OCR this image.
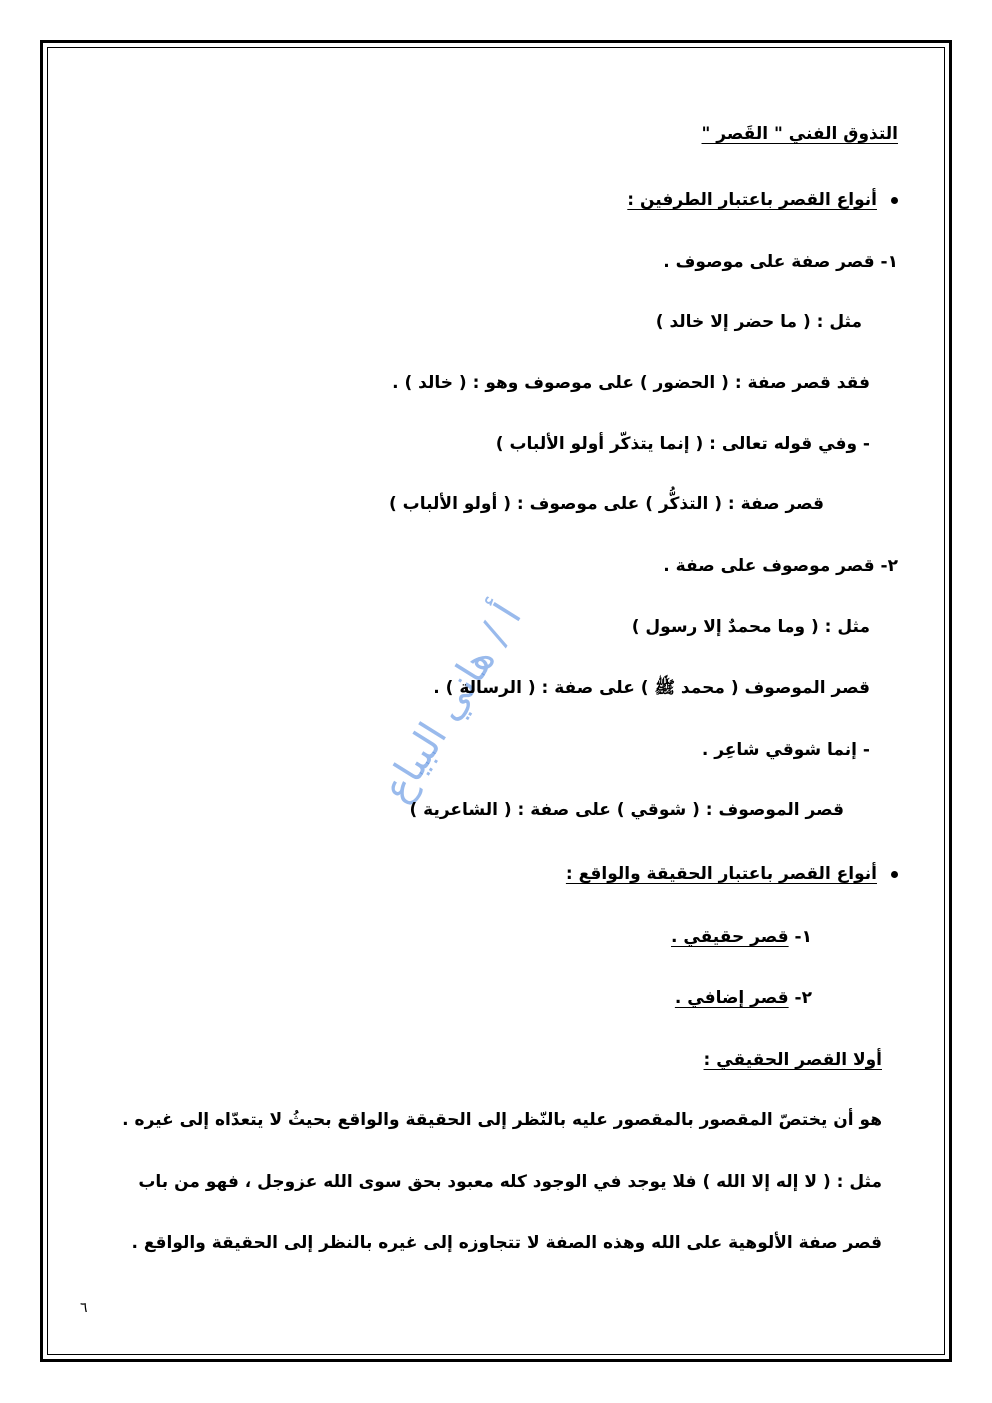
أ / هاني البياع
التذوق الفني " القَصر "
أنواع القصر باعتبار الطرفين :
١- قصر صفة على موصوف .
مثل : ( ما حضر إلا خالد )
فقد قصر صفة : ( الحضور ) على موصوف وهو : ( خالد ) .
- وفي قوله تعالى : ( إنما يتذكّر أولو الألباب )
قصر صفة : ( التذكُّر ) على موصوف : ( أولو الألباب )
٢- قصر موصوف على صفة .
مثل : ( وما محمدٌ إلا رسول )
قصر الموصوف ( محمد ﷺ ) على صفة : ( الرسالة ) .
- إنما شوقي شاعِر .
قصر الموصوف : ( شوقي ) على صفة : ( الشاعرية )
أنواع القصر باعتبار الحقيقة والواقع :
١- قصر حقيقي .
٢- قصر إضافي .
أولا القصر الحقيقي :
هو أن يختصّ المقصور بالمقصور عليه بالنّظر إلى الحقيقة والواقع بحيثُ لا يتعدّاه إلى غيره .
مثل : ( لا إله إلا الله ) فلا يوجد في الوجود كله معبود بحق سوى الله عزوجل ، فهو من باب
قصر صفة الألوهية على الله وهذه الصفة لا تتجاوزه إلى غيره بالنظر إلى الحقيقة والواقع .
٦
